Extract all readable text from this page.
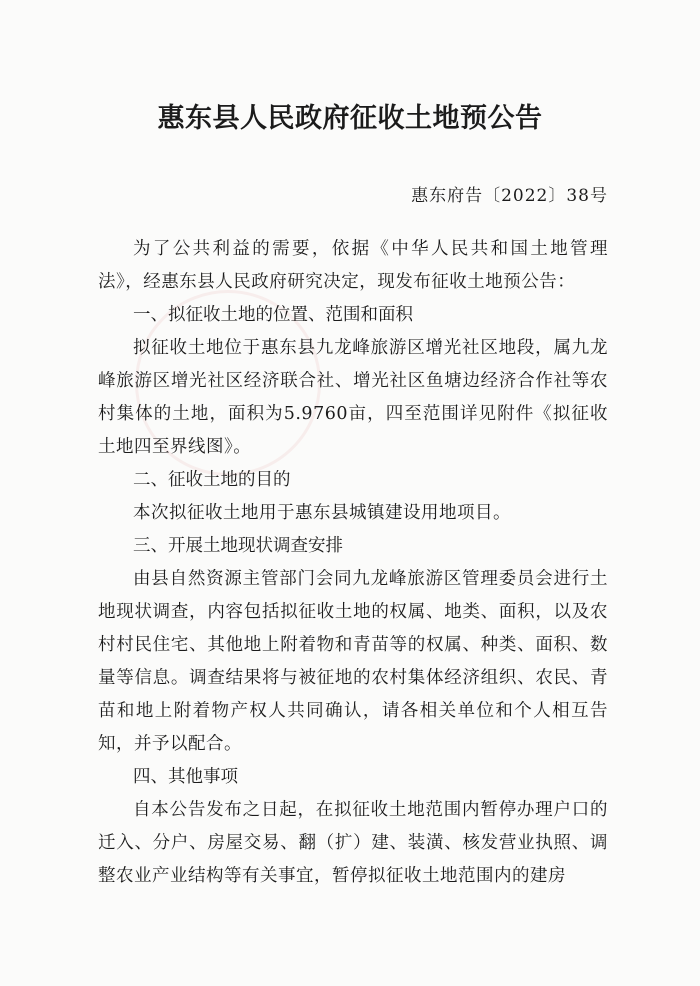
惠东县人民政府征收土地预公告

惠东府告〔2022〕38号

为了公共利益的需要，依据《中华人民共和国土地管理法》，经惠东县人民政府研究决定，现发布征收土地预公告：

一、拟征收土地的位置、范围和面积

拟征收土地位于惠东县九龙峰旅游区增光社区地段，属九龙峰旅游区增光社区经济联合社、增光社区鱼塘边经济合作社等农村集体的土地，面积为5.9760亩，四至范围详见附件《拟征收土地四至界线图》。

二、征收土地的目的

本次拟征收土地用于惠东县城镇建设用地项目。

三、开展土地现状调查安排

由县自然资源主管部门会同九龙峰旅游区管理委员会进行土地现状调查，内容包括拟征收土地的权属、地类、面积，以及农村村民住宅、其他地上附着物和青苗等的权属、种类、面积、数量等信息。调查结果将与被征地的农村集体经济组织、农民、青苗和地上附着物产权人共同确认，请各相关单位和个人相互告知，并予以配合。

四、其他事项

自本公告发布之日起，在拟征收土地范围内暂停办理户口的迁入、分户、房屋交易、翻（扩）建、装潢、核发营业执照、调整农业产业结构等有关事宜，暂停拟征收土地范围内的建房
